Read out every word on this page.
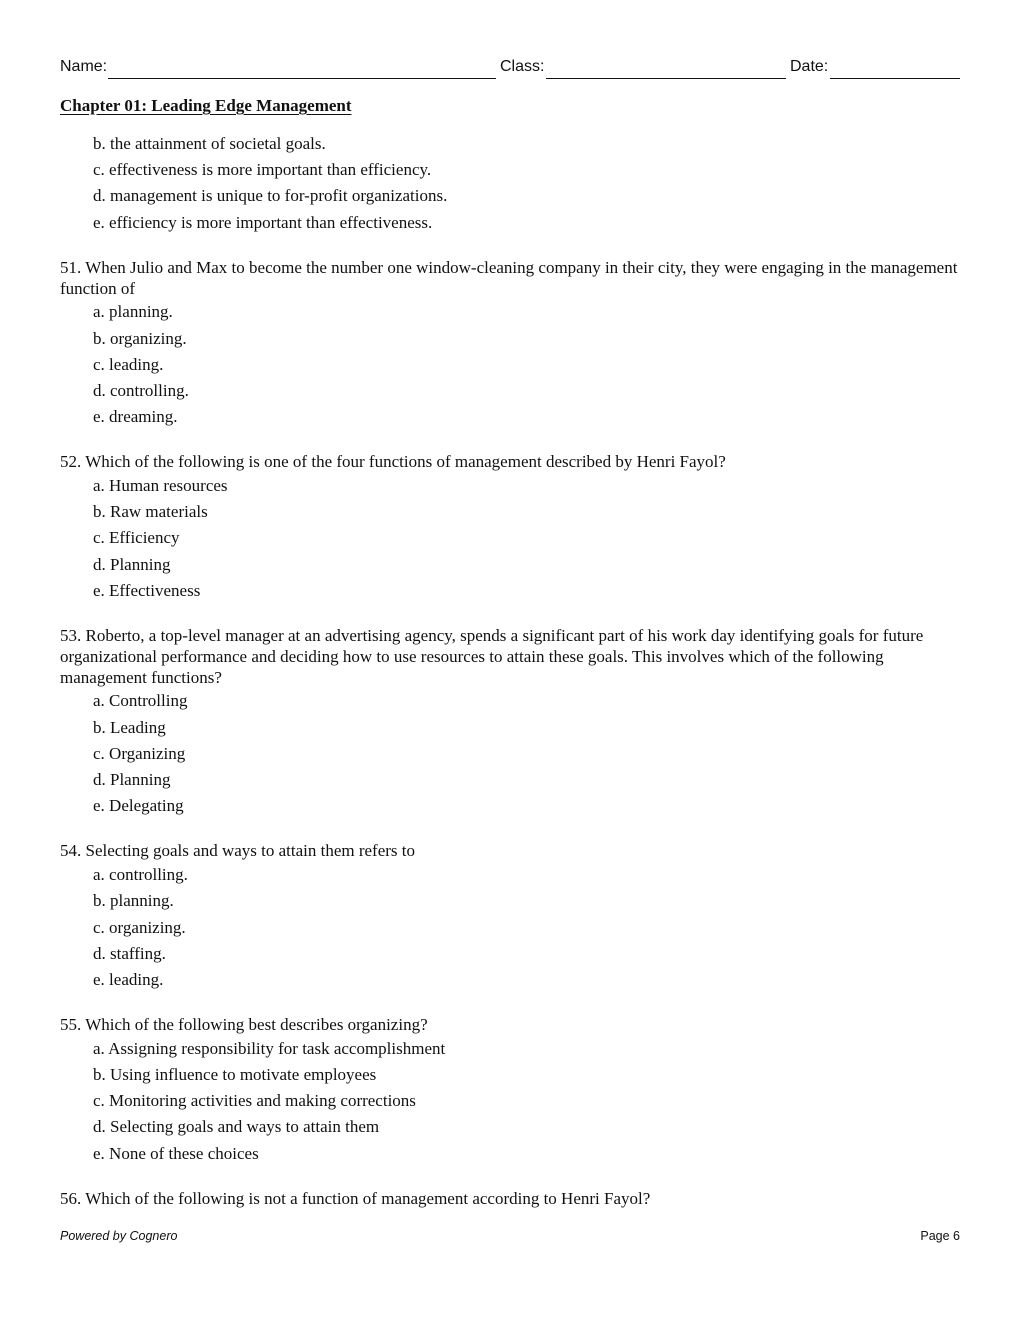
Name:	Class:	Date:
Chapter 01: Leading Edge Management
b. the attainment of societal goals.
c. effectiveness is more important than efficiency.
d. management is unique to for-profit organizations.
e. efficiency is more important than effectiveness.
51. When Julio and Max to become the number one window-cleaning company in their city, they were engaging in the management function of
a. planning.
b. organizing.
c. leading.
d. controlling.
e. dreaming.
52. Which of the following is one of the four functions of management described by Henri Fayol?
a. Human resources
b. Raw materials
c. Efficiency
d. Planning
e. Effectiveness
53. Roberto, a top-level manager at an advertising agency, spends a significant part of his work day identifying goals for future organizational performance and deciding how to use resources to attain these goals. This involves which of the following management functions?
a. Controlling
b. Leading
c. Organizing
d. Planning
e. Delegating
54. Selecting goals and ways to attain them refers to
a. controlling.
b. planning.
c. organizing.
d. staffing.
e. leading.
55. Which of the following best describes organizing?
a. Assigning responsibility for task accomplishment
b. Using influence to motivate employees
c. Monitoring activities and making corrections
d. Selecting goals and ways to attain them
e. None of these choices
56. Which of the following is not a function of management according to Henri Fayol?
Powered by Cognero	Page 6
